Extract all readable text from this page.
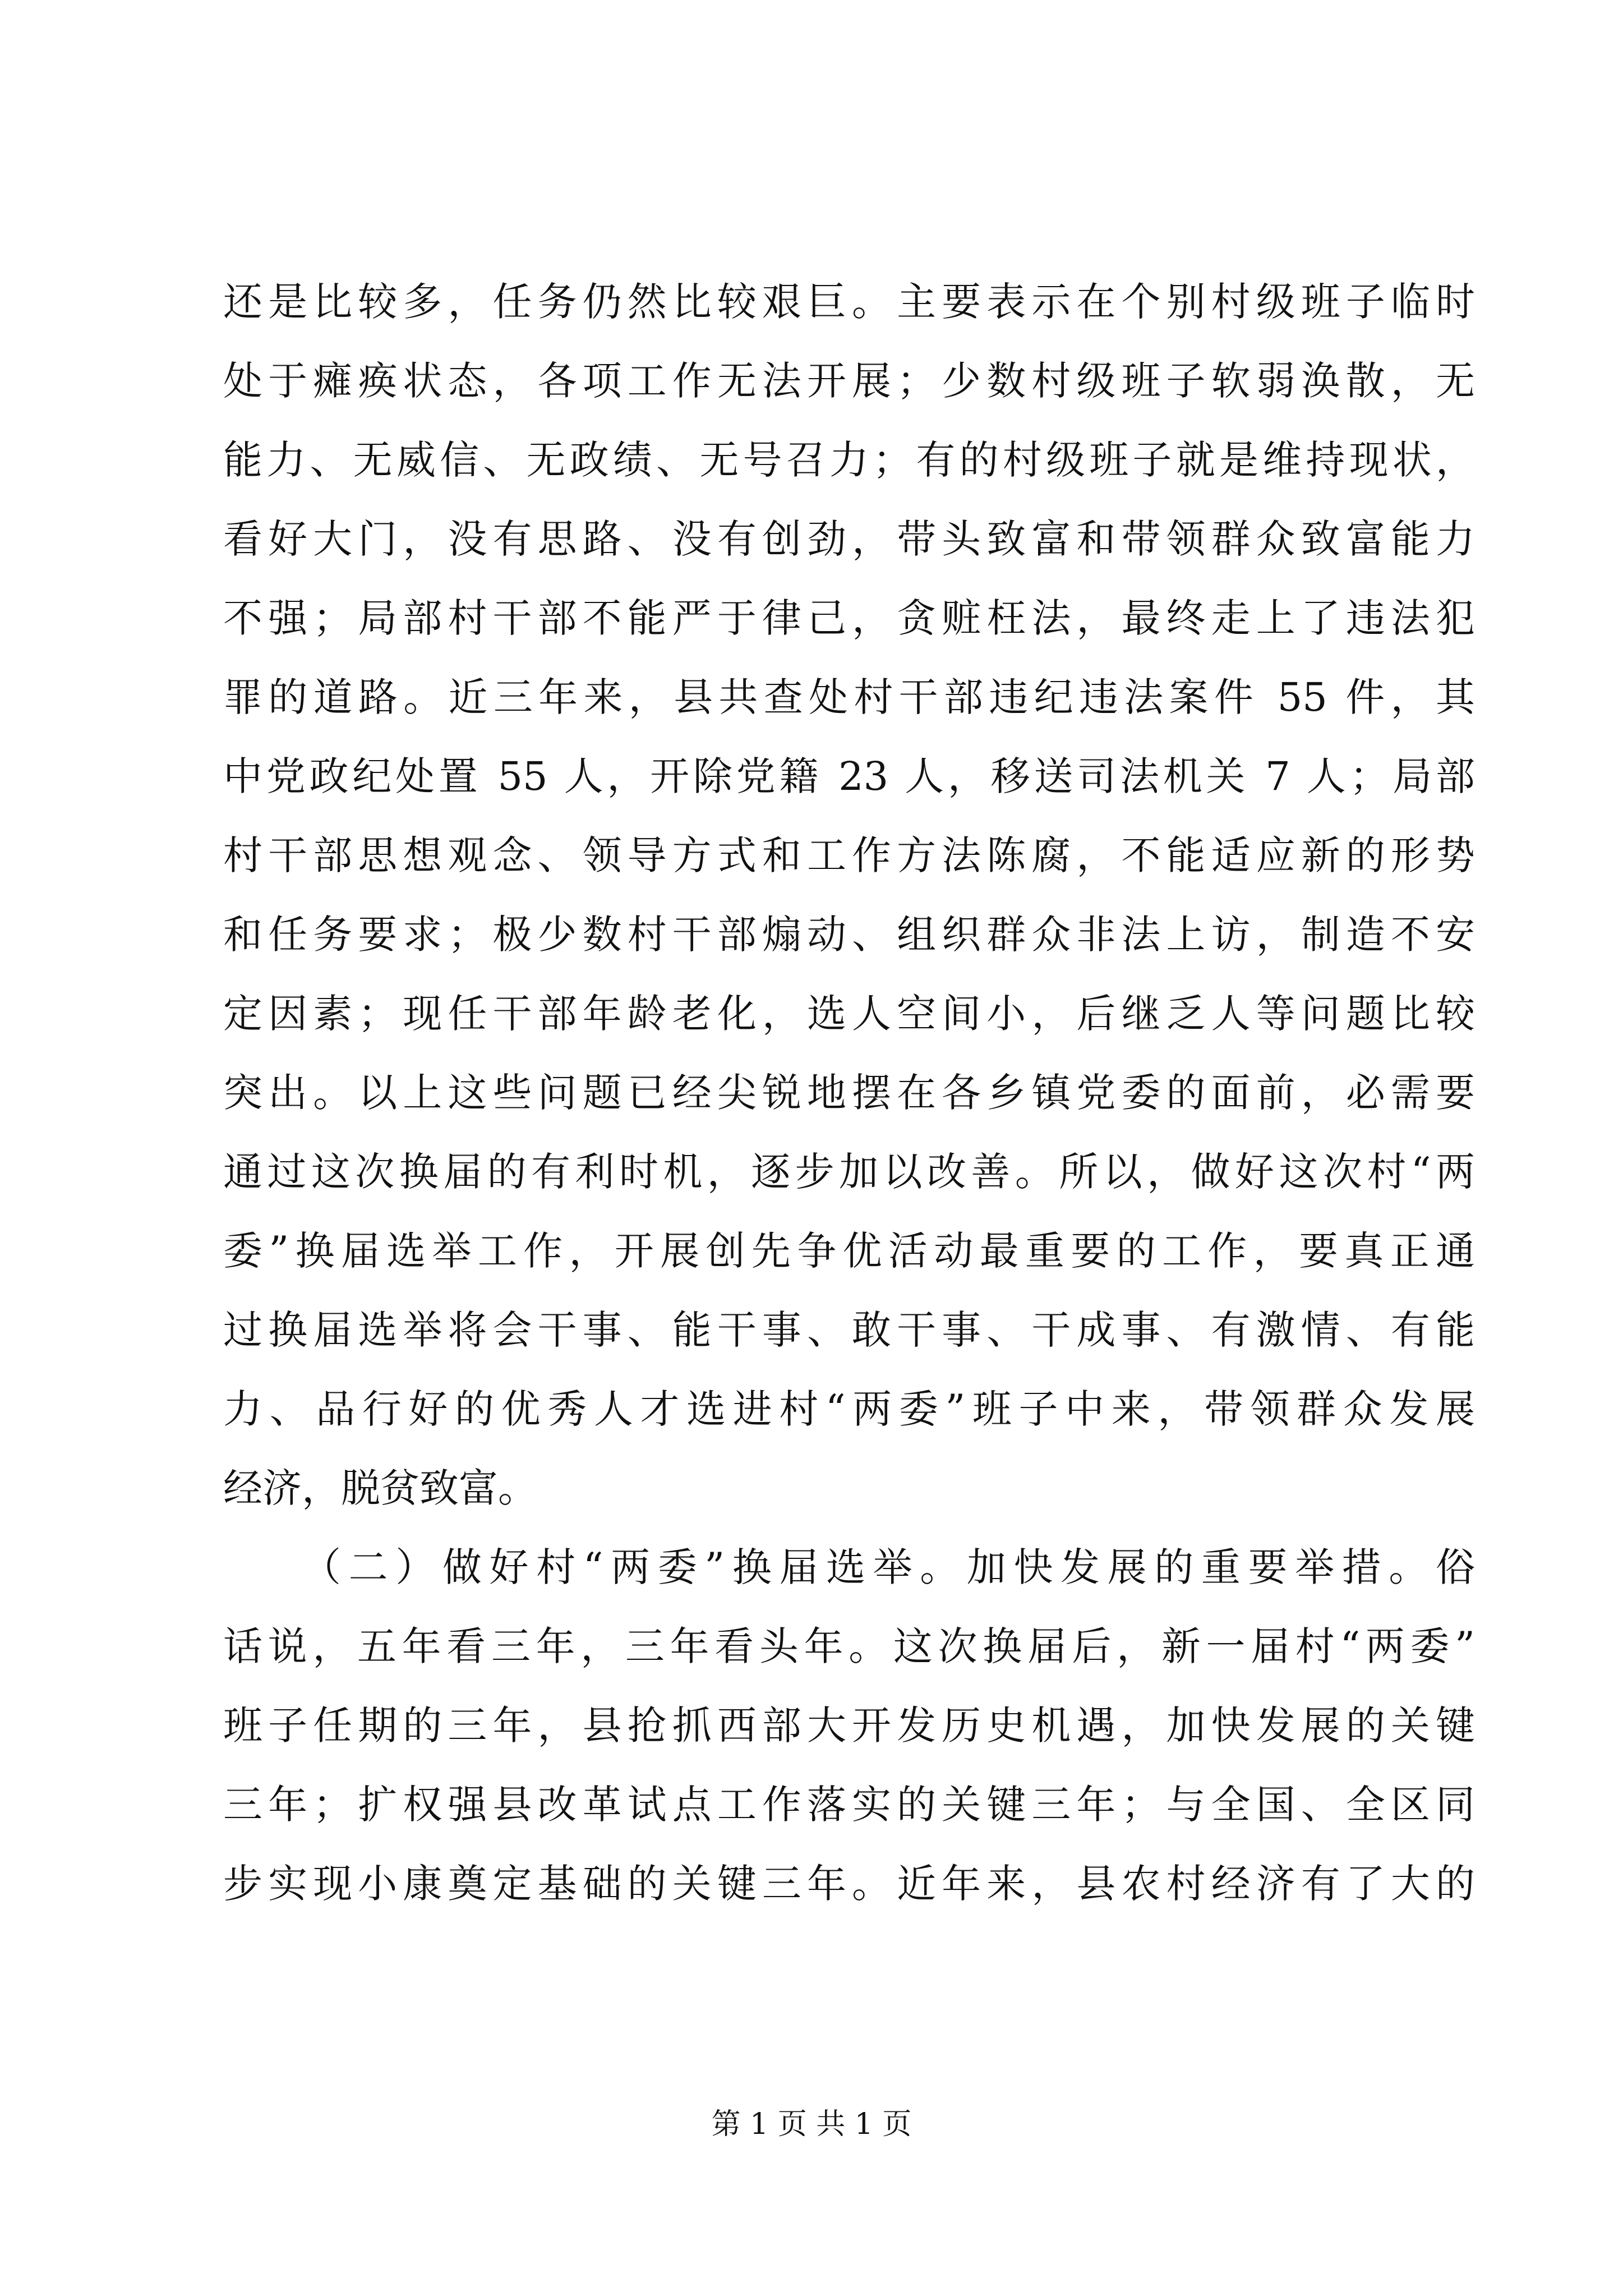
还是比较多，任务仍然比较艰巨。主要表示在个别村级班子临时
处于瘫痪状态，各项工作无法开展；少数村级班子软弱涣散，无
能力、无威信、无政绩、无号召力；有的村级班子就是维持现状，
看好大门，没有思路、没有创劲，带头致富和带领群众致富能力
不强；局部村干部不能严于律己，贪赃枉法，最终走上了违法犯
罪的道路。近三年来，县共查处村干部违纪违法案件 55 件，其
中党政纪处置 55 人，开除党籍 23 人，移送司法机关 7 人；局部
村干部思想观念、领导方式和工作方法陈腐，不能适应新的形势
和任务要求；极少数村干部煽动、组织群众非法上访，制造不安
定因素；现任干部年龄老化，选人空间小，后继乏人等问题比较
突出。以上这些问题已经尖锐地摆在各乡镇党委的面前，必需要
通过这次换届的有利时机，逐步加以改善。所以，做好这次村“两
委”换届选举工作，开展创先争优活动最重要的工作，要真正通
过换届选举将会干事、能干事、敢干事、干成事、有激情、有能
力、品行好的优秀人才选进村“两委”班子中来，带领群众发展
经济，脱贫致富。
（二）做好村“两委”换届选举。加快发展的重要举措。俗
话说，五年看三年，三年看头年。这次换届后，新一届村“两委”
班子任期的三年，县抢抓西部大开发历史机遇，加快发展的关键
三年；扩权强县改革试点工作落实的关键三年；与全国、全区同
步实现小康奠定基础的关键三年。近年来，县农村经济有了大的
第 1 页 共 1 页
